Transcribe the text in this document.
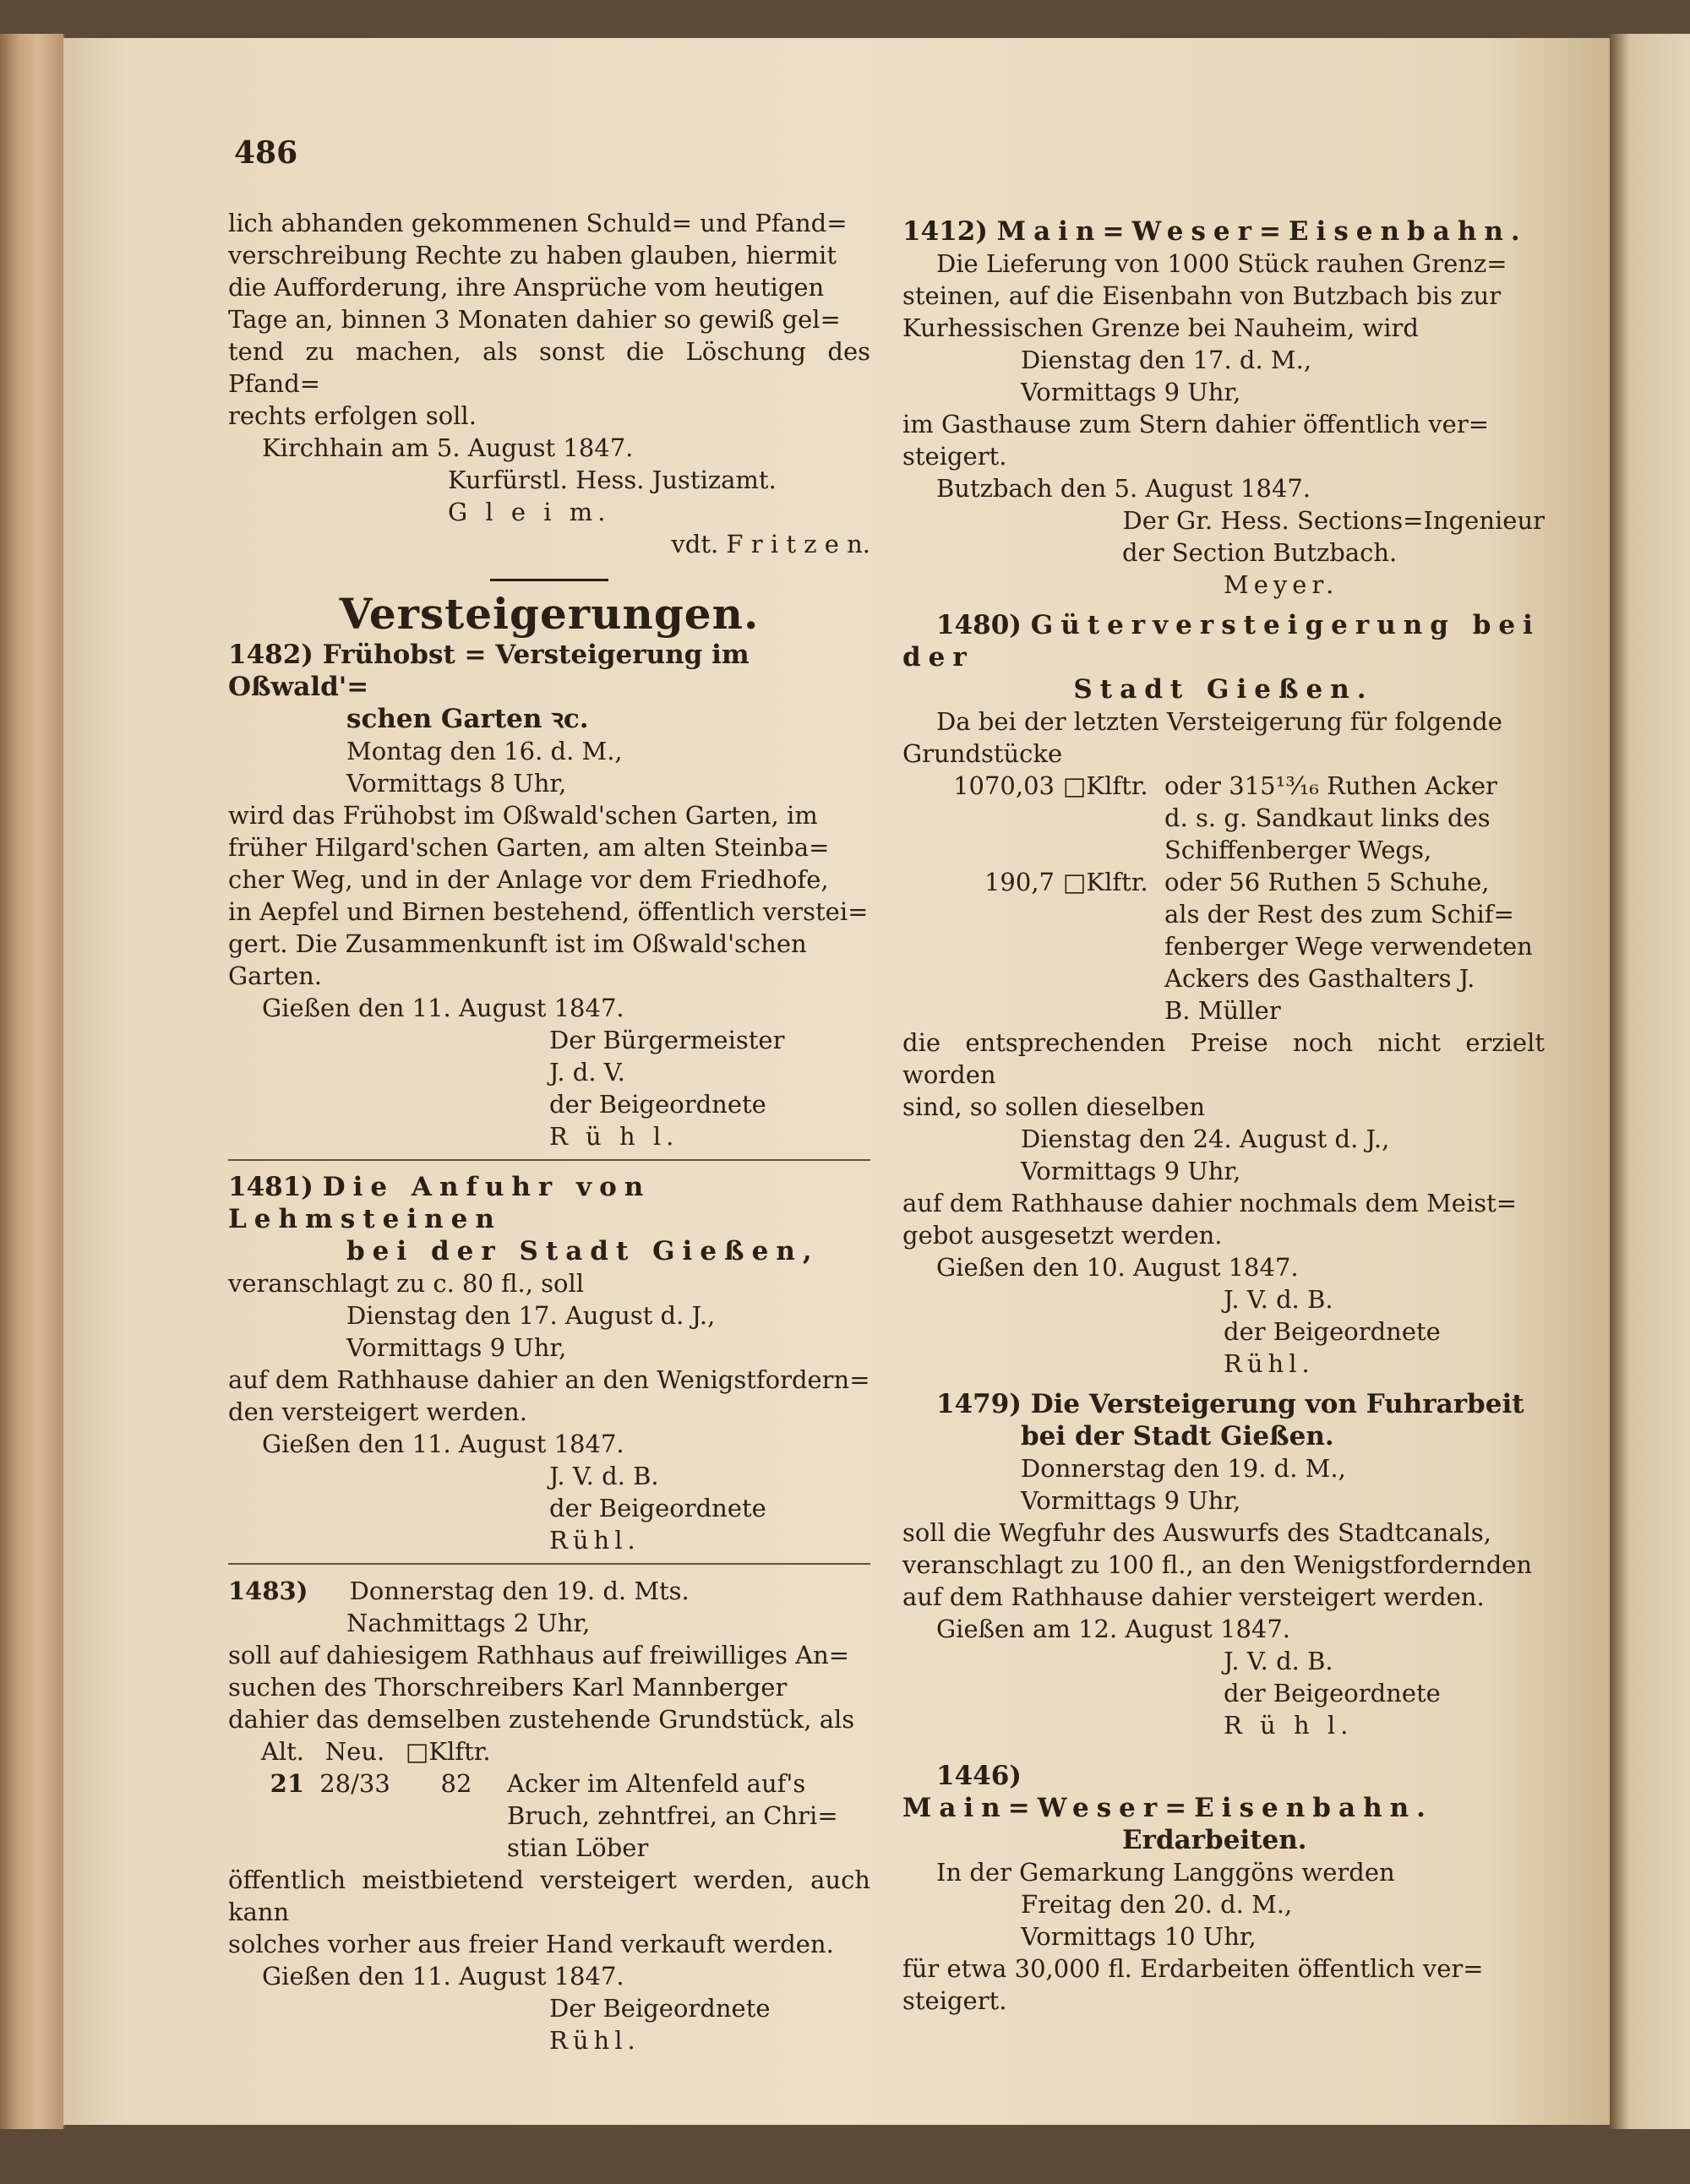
486

lich abhanden gekommenen Schuld= und Pfand=

verschreibung Rechte zu haben glauben, hiermit

die Aufforderung, ihre Ansprüche vom heutigen

Tage an, binnen 3 Monaten dahier so gewiß gel=

tend zu machen, als sonst die Löschung des Pfand=

rechts erfolgen soll.

Kirchhain am 5. August 1847.

Kurfürstl. Hess. Justizamt.

G l e i m.

vdt. F r i t z e n.

Versteigerungen.

1482) Frühobst = Versteigerung im Oßwald'=

schen Garten ꝛc.

Montag den 16. d. M.,

Vormittags 8 Uhr,

wird das Frühobst im Oßwald'schen Garten, im

früher Hilgard'schen Garten, am alten Steinba=

cher Weg, und in der Anlage vor dem Friedhofe,

in Aepfel und Birnen bestehend, öffentlich verstei=

gert. Die Zusammenkunft ist im Oßwald'schen

Garten.

Gießen den 11. August 1847.

Der Bürgermeister

J. d. V.

der Beigeordnete

R ü h l.

1481) Die Anfuhr von Lehmsteinen

bei der Stadt Gießen,

veranschlagt zu c. 80 fl., soll

Dienstag den 17. August d. J.,

Vormittags 9 Uhr,

auf dem Rathhause dahier an den Wenigstfordern=

den versteigert werden.

Gießen den 11. August 1847.

J. V. d. B.

der Beigeordnete

Rühl.

1483) Donnerstag den 19. d. Mts.

Nachmittags 2 Uhr,

soll auf dahiesigem Rathhaus auf freiwilliges An=

suchen des Thorschreibers Karl Mannberger

dahier das demselben zustehende Grundstück, als

Alt. Neu. □Klftr.
21 28/33	82	Acker im Altenfeld auf's

Bruch, zehntfrei, an Chri=

stian Löber

öffentlich meistbietend versteigert werden, auch kann

solches vorher aus freier Hand verkauft werden.

Gießen den 11. August 1847.

Der Beigeordnete

Rühl.

1412) Main=Weser=Eisenbahn.

Die Lieferung von 1000 Stück rauhen Grenz=

steinen, auf die Eisenbahn von Butzbach bis zur

Kurhessischen Grenze bei Nauheim, wird

Dienstag den 17. d. M.,

Vormittags 9 Uhr,

im Gasthause zum Stern dahier öffentlich ver=

steigert.

Butzbach den 5. August 1847.

Der Gr. Hess. Sections=Ingenieur

der Section Butzbach.

Meyer.

1480) Güterversteigerung bei der

Stadt Gießen.

Da bei der letzten Versteigerung für folgende

Grundstücke

1070,03 □Klftr. oder 315¹³⁄₁₆ Ruthen Acker

d. s. g. Sandkaut links des

Schiffenberger Wegs,

190,7 □Klftr. oder 56 Ruthen 5 Schuhe,

als der Rest des zum Schif=

fenberger Wege verwendeten

Ackers des Gasthalters J.

B. Müller

die entsprechenden Preise noch nicht erzielt worden

sind, so sollen dieselben

Dienstag den 24. August d. J.,

Vormittags 9 Uhr,

auf dem Rathhause dahier nochmals dem Meist=

gebot ausgesetzt werden.

Gießen den 10. August 1847.

J. V. d. B.

der Beigeordnete

Rühl.

1479) Die Versteigerung von Fuhrarbeit

bei der Stadt Gießen.

Donnerstag den 19. d. M.,

Vormittags 9 Uhr,

soll die Wegfuhr des Auswurfs des Stadtcanals,

veranschlagt zu 100 fl., an den Wenigstfordernden

auf dem Rathhause dahier versteigert werden.

Gießen am 12. August 1847.

J. V. d. B.

der Beigeordnete

R ü h l.

1446) Main=Weser=Eisenbahn.

Erdarbeiten.

In der Gemarkung Langgöns werden

Freitag den 20. d. M.,

Vormittags 10 Uhr,

für etwa 30,000 fl. Erdarbeiten öffentlich ver=

steigert.
